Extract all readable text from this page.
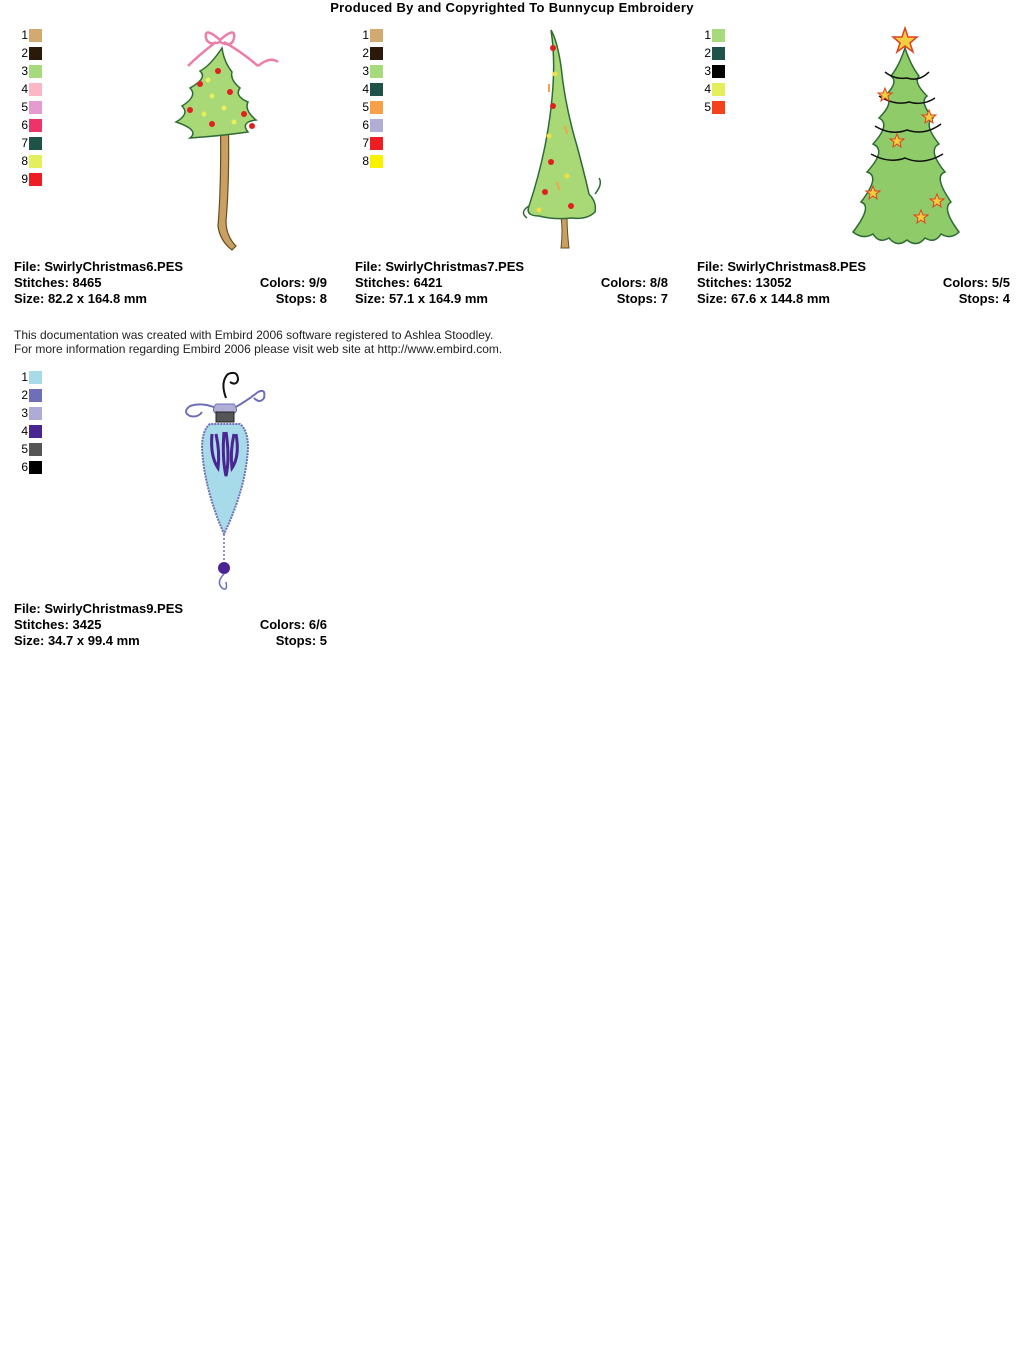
Produced By and Copyrighted To Bunnycup Embroidery
1
2
3
4
5
6
7
8
9
File: SwirlyChristmas6.PES
Stitches: 8465	Colors: 9/9
Size: 82.2 x 164.8 mm	Stops: 8
1
2
3
4
5
6
7
8
File: SwirlyChristmas7.PES
Stitches: 6421	Colors: 8/8
Size: 57.1 x 164.9 mm	Stops: 7
1
2
3
4
5
File: SwirlyChristmas8.PES
Stitches: 13052	Colors: 5/5
Size: 67.6 x 144.8 mm	Stops: 4
This documentation was created with Embird 2006 software registered to Ashlea Stoodley.
For more information regarding Embird 2006 please visit web site at http://www.embird.com.
1
2
3
4
5
6
File: SwirlyChristmas9.PES
Stitches: 3425	Colors: 6/6
Size: 34.7 x 99.4 mm	Stops: 5
